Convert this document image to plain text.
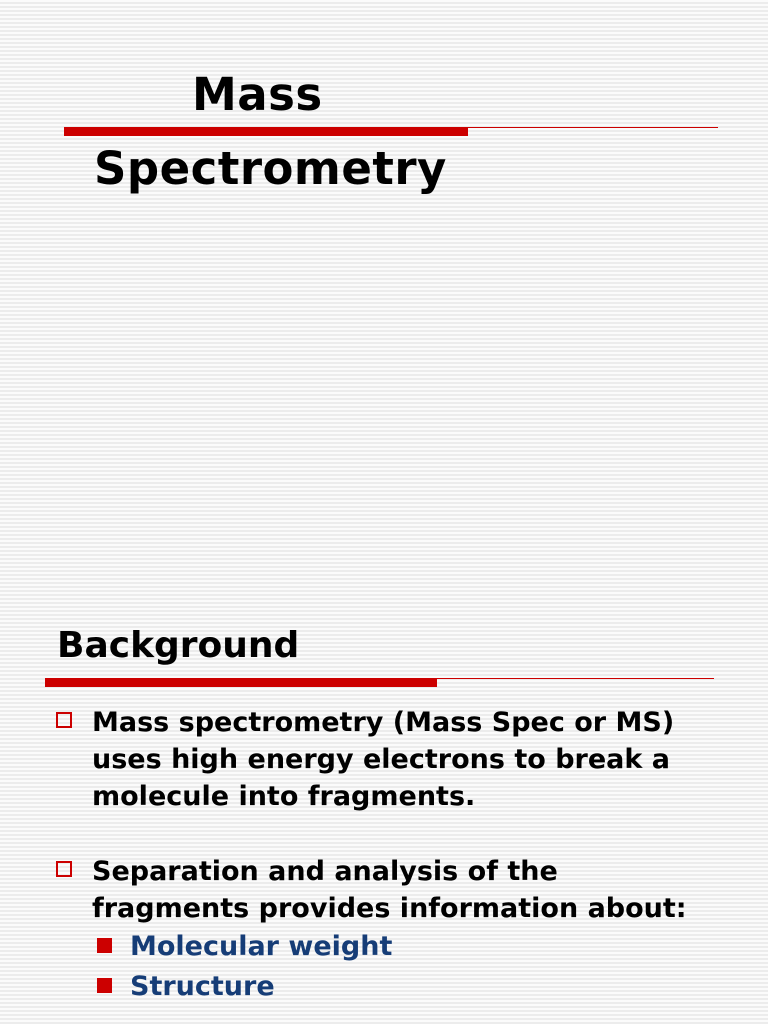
Mass
Spectrometry
Background

Mass spectrometry (Mass Spec or MS) uses high energy electrons to break a molecule into fragments.

Separation and analysis of the fragments provides information about:

Molecular weight
Structure
